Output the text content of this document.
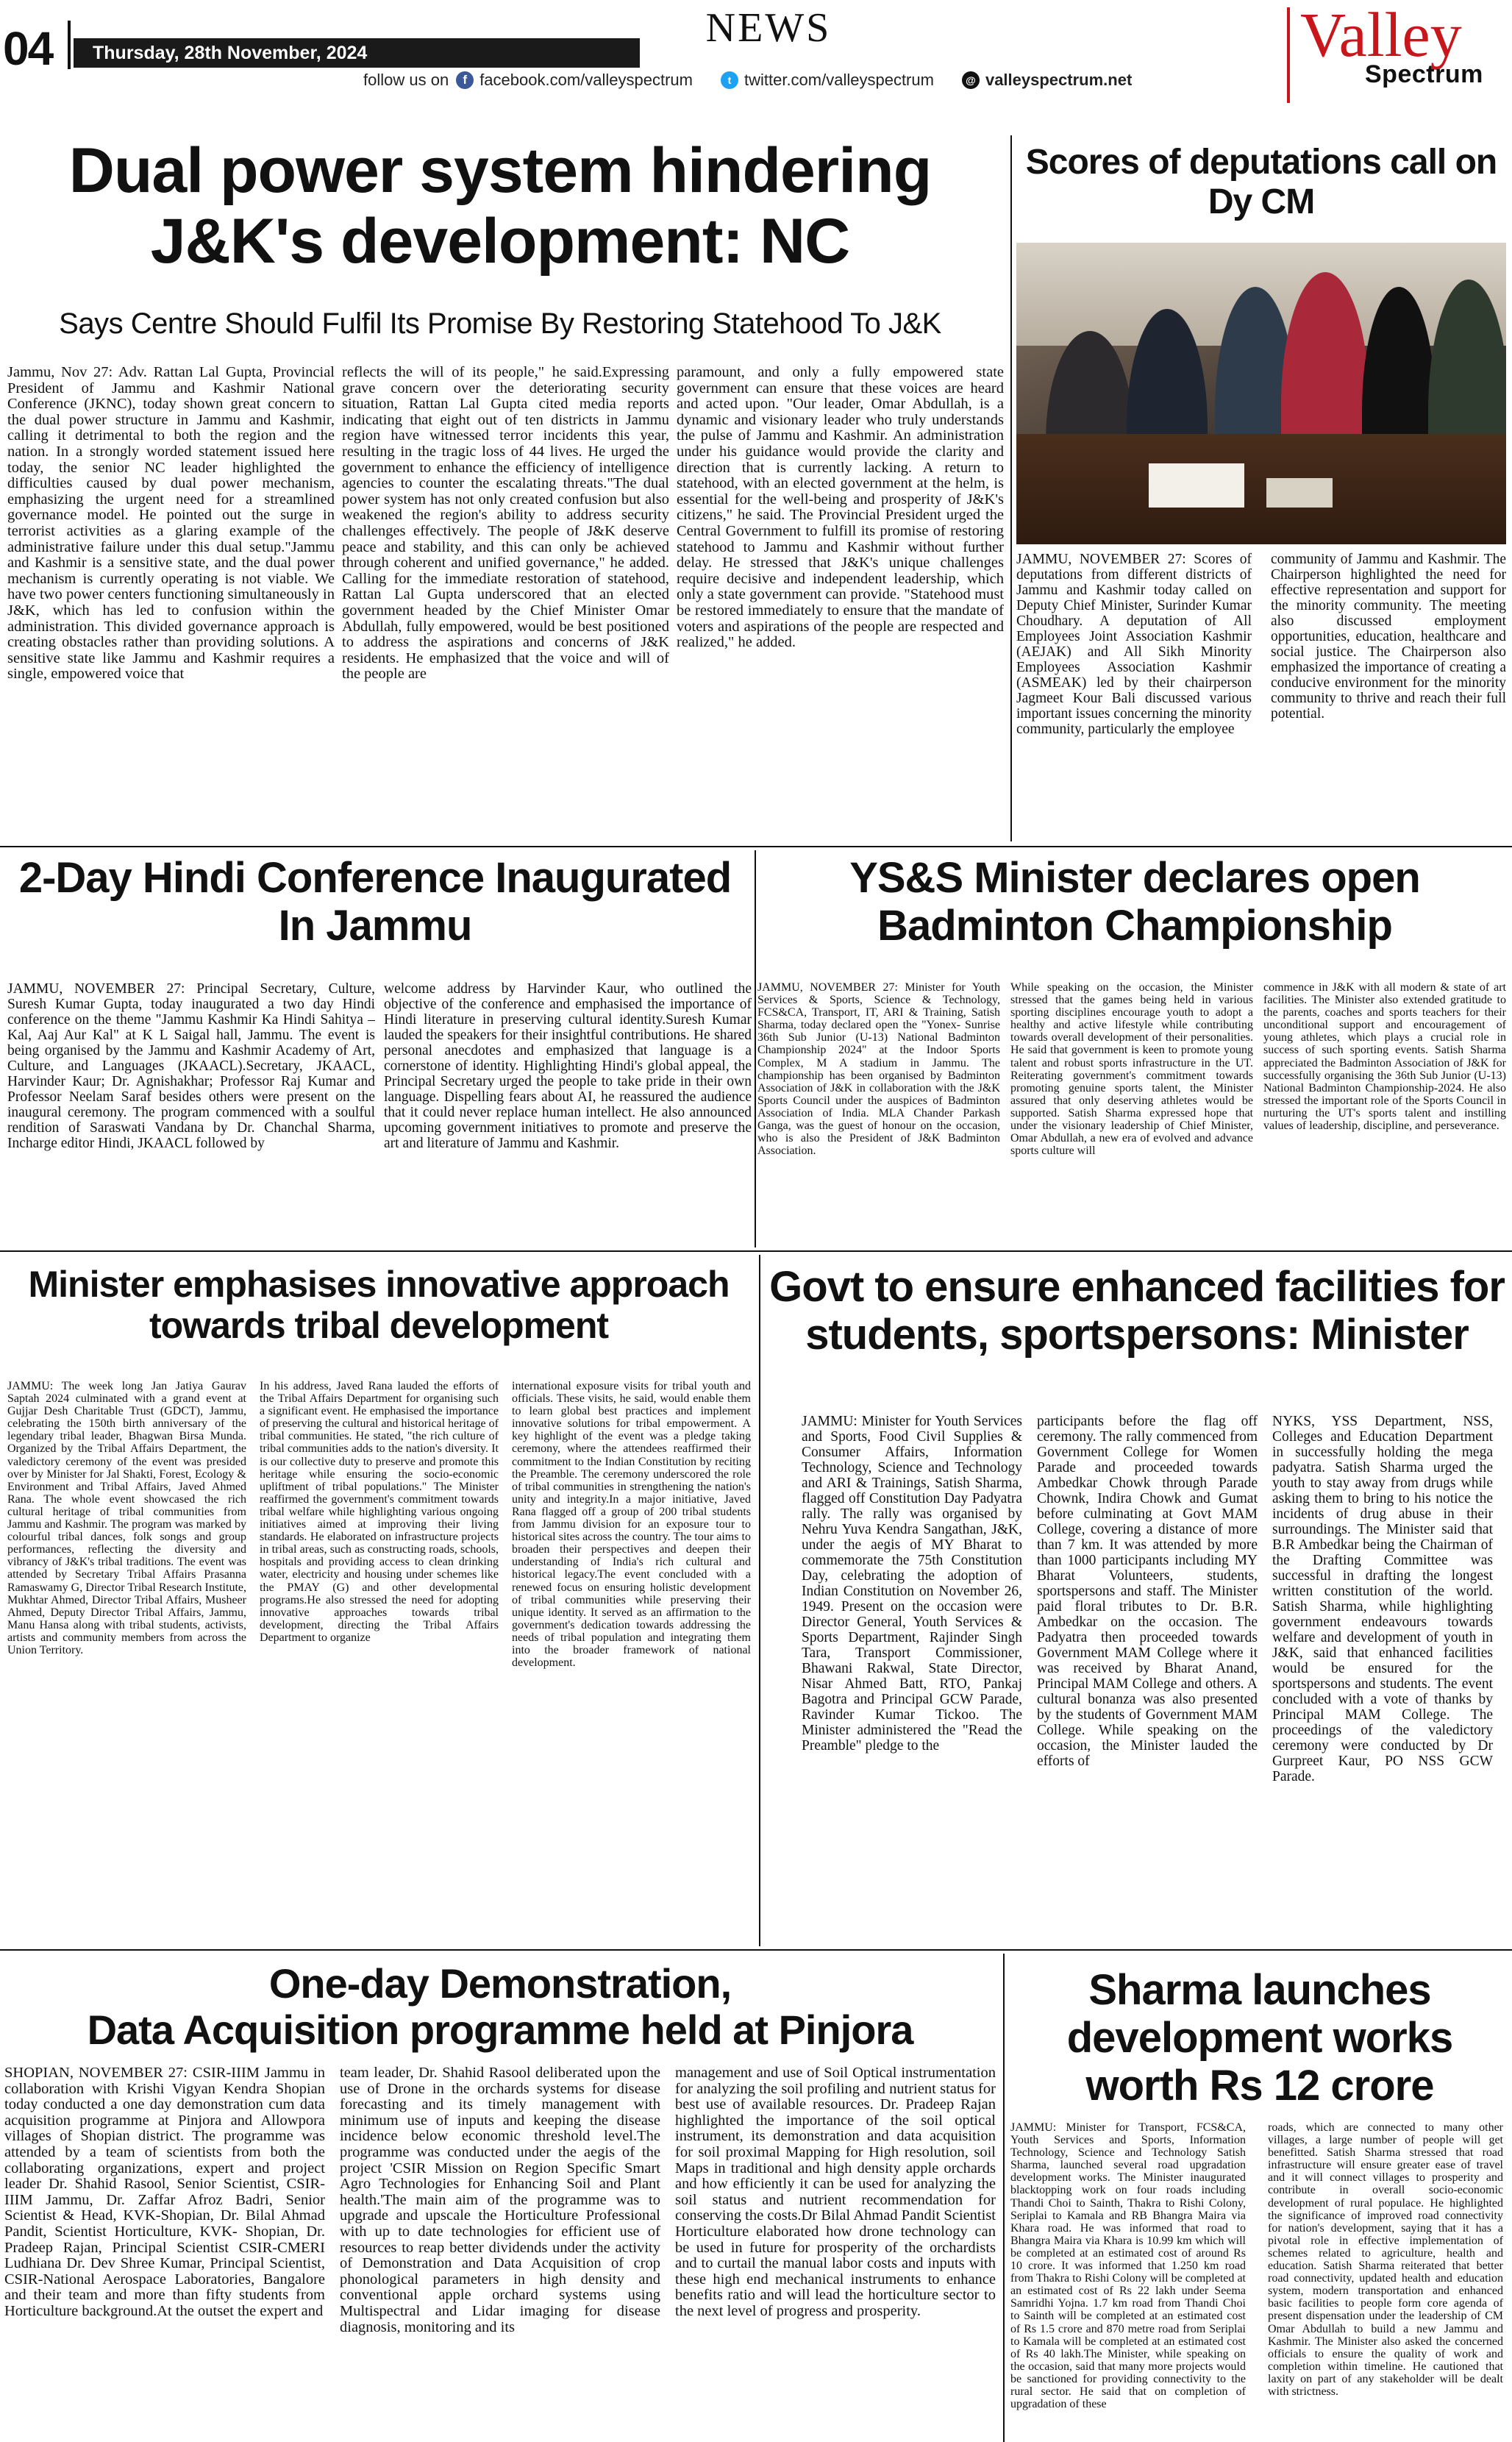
04	Thursday, 28th November, 2024
NEWS
follow us on	f facebook.com/valleyspectrum	t twitter.com/valleyspectrum	@ valleyspectrum.net
Valley
Spectrum
Dual power system hindering
J&K's development: NC
Says Centre Should Fulfil Its Promise By Restoring Statehood To J&K

Jammu, Nov 27: Adv. Rattan Lal Gupta, Provincial President of Jammu and Kashmir National Conference (JKNC), today shown great concern to the dual power structure in Jammu and Kashmir, calling it detrimental to both the region and the nation. In a strongly worded statement issued here today, the senior NC leader highlighted the difficulties caused by dual power mechanism, emphasizing the urgent need for a streamlined governance model. He pointed out the surge in terrorist activities as a glaring example of the administrative failure under this dual setup."Jammu and Kashmir is a sensitive state, and the dual power mechanism is currently operating is not viable. We have two power centers functioning simultaneously in J&K, which has led to confusion within the administration. This divided governance approach is creating obstacles rather than providing solutions. A sensitive state like Jammu and Kashmir requires a single, empowered voice that

reflects the will of its people," he said.Expressing grave concern over the deteriorating security situation, Rattan Lal Gupta cited media reports indicating that eight out of ten districts in Jammu region have witnessed terror incidents this year, resulting in the tragic loss of 44 lives. He urged the government to enhance the efficiency of intelligence agencies to counter the escalating threats."The dual power system has not only created confusion but also weakened the region's ability to address security challenges effectively. The people of J&K deserve peace and stability, and this can only be achieved through coherent and unified governance," he added. Calling for the immediate restoration of statehood, Rattan Lal Gupta underscored that an elected government headed by the Chief Minister Omar Abdullah, fully empowered, would be best positioned to address the aspirations and concerns of J&K residents. He emphasized that the voice and will of the people are

paramount, and only a fully empowered state government can ensure that these voices are heard and acted upon. "Our leader, Omar Abdullah, is a dynamic and visionary leader who truly understands the pulse of Jammu and Kashmir. An administration under his guidance would provide the clarity and direction that is currently lacking. A return to statehood, with an elected government at the helm, is essential for the well-being and prosperity of J&K's citizens," he said. The Provincial President urged the Central Government to fulfill its promise of restoring statehood to Jammu and Kashmir without further delay. He stressed that J&K's unique challenges require decisive and independent leadership, which only a state government can provide. "Statehood must be restored immediately to ensure that the mandate of voters and aspirations of the people are respected and realized," he added.

Scores of deputations call on
Dy CM

JAMMU, NOVEMBER 27: Scores of deputations from different districts of Jammu and Kashmir today called on Deputy Chief Minister, Surinder Kumar Choudhary. A deputation of All Employees Joint Association Kashmir (AEJAK) and All Sikh Minority Employees Association Kashmir (ASMEAK) led by their chairperson Jagmeet Kour Bali discussed various important issues concerning the minority community, particularly the employee

community of Jammu and Kashmir. The Chairperson highlighted the need for effective representation and support for the minority community. The meeting also discussed employment opportunities, education, healthcare and social justice. The Chairperson also emphasized the importance of creating a conducive environment for the minority community to thrive and reach their full potential.

2-Day Hindi Conference Inaugurated
In Jammu

JAMMU, NOVEMBER 27: Principal Secretary, Culture, Suresh Kumar Gupta, today inaugurated a two day Hindi conference on the theme "Jammu Kashmir Ka Hindi Sahitya – Kal, Aaj Aur Kal" at K L Saigal hall, Jammu. The event is being organised by the Jammu and Kashmir Academy of Art, Culture, and Languages (JKAACL).Secretary, JKAACL, Harvinder Kaur; Dr. Agnishakhar; Professor Raj Kumar and Professor Neelam Saraf besides others were present on the inaugural ceremony. The program commenced with a soulful rendition of Saraswati Vandana by Dr. Chanchal Sharma, Incharge editor Hindi, JKAACL followed by

welcome address by Harvinder Kaur, who outlined the objective of the conference and emphasised the importance of Hindi literature in preserving cultural identity.Suresh Kumar lauded the speakers for their insightful contributions. He shared personal anecdotes and emphasized that language is a cornerstone of identity. Highlighting Hindi's global appeal, the Principal Secretary urged the people to take pride in their own language. Dispelling fears about AI, he reassured the audience that it could never replace human intellect. He also announced upcoming government initiatives to promote and preserve the art and literature of Jammu and Kashmir.

YS&S Minister declares open
Badminton Championship

JAMMU, NOVEMBER 27: Minister for Youth Services & Sports, Science & Technology, FCS&CA, Transport, IT, ARI & Training, Satish Sharma, today declared open the "Yonex- Sunrise 36th Sub Junior (U-13) National Badminton Championship 2024" at the Indoor Sports Complex, M A stadium in Jammu. The championship has been organised by Badminton Association of J&K in collaboration with the J&K Sports Council under the auspices of Badminton Association of India. MLA Chander Parkash Ganga, was the guest of honour on the occasion, who is also the President of J&K Badminton Association.

While speaking on the occasion, the Minister stressed that the games being held in various sporting disciplines encourage youth to adopt a healthy and active lifestyle while contributing towards overall development of their personalities. He said that government is keen to promote young talent and robust sports infrastructure in the UT. Reiterating government's commitment towards promoting genuine sports talent, the Minister assured that only deserving athletes would be supported. Satish Sharma expressed hope that under the visionary leadership of Chief Minister, Omar Abdullah, a new era of evolved and advance sports culture will

commence in J&K with all modern & state of art facilities. The Minister also extended gratitude to the parents, coaches and sports teachers for their unconditional support and encouragement of young athletes, which plays a crucial role in success of such sporting events. Satish Sharma appreciated the Badminton Association of J&K for successfully organising the 36th Sub Junior (U-13) National Badminton Championship-2024. He also stressed the important role of the Sports Council in nurturing the UT's sports talent and instilling values of leadership, discipline, and perseverance.

Minister emphasises innovative approach
towards tribal development

JAMMU: The week long Jan Jatiya Gaurav Saptah 2024 culminated with a grand event at Gujjar Desh Charitable Trust (GDCT), Jammu, celebrating the 150th birth anniversary of the legendary tribal leader, Bhagwan Birsa Munda. Organized by the Tribal Affairs Department, the valedictory ceremony of the event was presided over by Minister for Jal Shakti, Forest, Ecology & Environment and Tribal Affairs, Javed Ahmed Rana. The whole event showcased the rich cultural heritage of tribal communities from Jammu and Kashmir. The program was marked by colourful tribal dances, folk songs and group performances, reflecting the diversity and vibrancy of J&K's tribal traditions. The event was attended by Secretary Tribal Affairs Prasanna Ramaswamy G, Director Tribal Research Institute, Mukhtar Ahmed, Director Tribal Affairs, Musheer Ahmed, Deputy Director Tribal Affairs, Jammu, Manu Hansa along with tribal students, activists, artists and community members from across the Union Territory.

In his address, Javed Rana lauded the efforts of the Tribal Affairs Department for organising such a significant event. He emphasised the importance of preserving the cultural and historical heritage of tribal communities. He stated, "the rich culture of tribal communities adds to the nation's diversity. It is our collective duty to preserve and promote this heritage while ensuring the socio-economic upliftment of tribal populations." The Minister reaffirmed the government's commitment towards tribal welfare while highlighting various ongoing initiatives aimed at improving their living standards. He elaborated on infrastructure projects in tribal areas, such as constructing roads, schools, hospitals and providing access to clean drinking water, electricity and housing under schemes like the PMAY (G) and other developmental programs.He also stressed the need for adopting innovative approaches towards tribal development, directing the Tribal Affairs Department to organize

international exposure visits for tribal youth and officials. These visits, he said, would enable them to learn global best practices and implement innovative solutions for tribal empowerment. A key highlight of the event was a pledge taking ceremony, where the attendees reaffirmed their commitment to the Indian Constitution by reciting the Preamble. The ceremony underscored the role of tribal communities in strengthening the nation's unity and integrity.In a major initiative, Javed Rana flagged off a group of 200 tribal students from Jammu division for an exposure tour to historical sites across the country. The tour aims to broaden their perspectives and deepen their understanding of India's rich cultural and historical legacy.The event concluded with a renewed focus on ensuring holistic development of tribal communities while preserving their unique identity. It served as an affirmation to the government's dedication towards addressing the needs of tribal population and integrating them into the broader framework of national development.

Govt to ensure enhanced facilities for
students, sportspersons: Minister

JAMMU: Minister for Youth Services and Sports, Food Civil Supplies & Consumer Affairs, Information Technology, Science and Technology and ARI & Trainings, Satish Sharma, flagged off Constitution Day Padyatra rally. The rally was organised by Nehru Yuva Kendra Sangathan, J&K, under the aegis of MY Bharat to commemorate the 75th Constitution Day, celebrating the adoption of Indian Constitution on November 26, 1949. Present on the occasion were Director General, Youth Services & Sports Department, Rajinder Singh Tara, Transport Commissioner, Bhawani Rakwal, State Director, Nisar Ahmed Batt, RTO, Pankaj Bagotra and Principal GCW Parade, Ravinder Kumar Tickoo. The Minister administered the "Read the Preamble" pledge to the

participants before the flag off ceremony. The rally commenced from Government College for Women Parade and proceeded towards Ambedkar Chowk through Parade Chownk, Indira Chowk and Gumat before culminating at Govt MAM College, covering a distance of more than 7 km. It was attended by more than 1000 participants including MY Bharat Volunteers, students, sportspersons and staff. The Minister paid floral tributes to Dr. B.R. Ambedkar on the occasion. The Padyatra then proceeded towards Government MAM College where it was received by Bharat Anand, Principal MAM College and others. A cultural bonanza was also presented by the students of Government MAM College. While speaking on the occasion, the Minister lauded the efforts of

NYKS, YSS Department, NSS, Colleges and Education Department in successfully holding the mega padyatra. Satish Sharma urged the youth to stay away from drugs while asking them to bring to his notice the incidents of drug abuse in their surroundings. The Minister said that B.R Ambedkar being the Chairman of the Drafting Committee was successful in drafting the longest written constitution of the world. Satish Sharma, while highlighting government endeavours towards welfare and development of youth in J&K, said that enhanced facilities would be ensured for the sportspersons and students. The event concluded with a vote of thanks by Principal MAM College. The proceedings of the valedictory ceremony were conducted by Dr Gurpreet Kaur, PO NSS GCW Parade.

One-day Demonstration,
Data Acquisition programme held at Pinjora

SHOPIAN, NOVEMBER 27: CSIR-IIIM Jammu in collaboration with Krishi Vigyan Kendra Shopian today conducted a one day demonstration cum data acquisition programme at Pinjora and Allowpora villages of Shopian district. The programme was attended by a team of scientists from both the collaborating organizations, expert and project leader Dr. Shahid Rasool, Senior Scientist, CSIR-IIIM Jammu, Dr. Zaffar Afroz Badri, Senior Scientist & Head, KVK-Shopian, Dr. Bilal Ahmad Pandit, Scientist Horticulture, KVK- Shopian, Dr. Pradeep Rajan, Principal Scientist CSIR-CMERI Ludhiana Dr. Dev Shree Kumar, Principal Scientist, CSIR-National Aerospace Laboratories, Bangalore and their team and more than fifty students from Horticulture background.At the outset the expert and

team leader, Dr. Shahid Rasool deliberated upon the use of Drone in the orchards systems for disease forecasting and its timely management with minimum use of inputs and keeping the disease incidence below economic threshold level.The programme was conducted under the aegis of the project 'CSIR Mission on Region Specific Smart Agro Technologies for Enhancing Soil and Plant health.'The main aim of the programme was to upgrade and upscale the Horticulture Professional with up to date technologies for efficient use of resources to reap better dividends under the activity of Demonstration and Data Acquisition of crop phonological parameters in high density and conventional apple orchard systems using Multispectral and Lidar imaging for disease diagnosis, monitoring and its

management and use of Soil Optical instrumentation for analyzing the soil profiling and nutrient status for best use of available resources. Dr. Pradeep Rajan highlighted the importance of the soil optical instrument, its demonstration and data acquisition for soil proximal Mapping for High resolution, soil Maps in traditional and high density apple orchards and how efficiently it can be used for analyzing the soil status and nutrient recommendation for conserving the costs.Dr Bilal Ahmad Pandit Scientist Horticulture elaborated how drone technology can be used in future for prosperity of the orchardists and to curtail the manual labor costs and inputs with these high end mechanical instruments to enhance benefits ratio and will lead the horticulture sector to the next level of progress and prosperity.

Sharma launches
development works
worth Rs 12 crore

JAMMU: Minister for Transport, FCS&CA, Youth Services and Sports, Information Technology, Science and Technology Satish Sharma, launched several road upgradation development works. The Minister inaugurated blacktopping work on four roads including Thandi Choi to Sainth, Thakra to Rishi Colony, Seriplai to Kamala and RB Bhangra Maira via Khara road. He was informed that road to Bhangra Maira via Khara is 10.99 km which will be completed at an estimated cost of around Rs 10 crore. It was informed that 1.250 km road from Thakra to Rishi Colony will be completed at an estimated cost of Rs 22 lakh under Seema Samridhi Yojna. 1.7 km road from Thandi Choi to Sainth will be completed at an estimated cost of Rs 1.5 crore and 870 metre road from Seriplai to Kamala will be completed at an estimated cost of Rs 40 lakh.The Minister, while speaking on the occasion, said that many more projects would be sanctioned for providing connectivity to the rural sector. He said that on completion of upgradation of these

roads, which are connected to many other villages, a large number of people will get benefitted. Satish Sharma stressed that road infrastructure will ensure greater ease of travel and it will connect villages to prosperity and contribute in overall socio-economic development of rural populace. He highlighted the significance of improved road connectivity for nation's development, saying that it has a pivotal role in effective implementation of schemes related to agriculture, health and education. Satish Sharma reiterated that better road connectivity, updated health and education system, modern transportation and enhanced basic facilities to people form core agenda of present dispensation under the leadership of CM Omar Abdullah to build a new Jammu and Kashmir. The Minister also asked the concerned officials to ensure the quality of work and completion within timeline. He cautioned that laxity on part of any stakeholder will be dealt with strictness.
